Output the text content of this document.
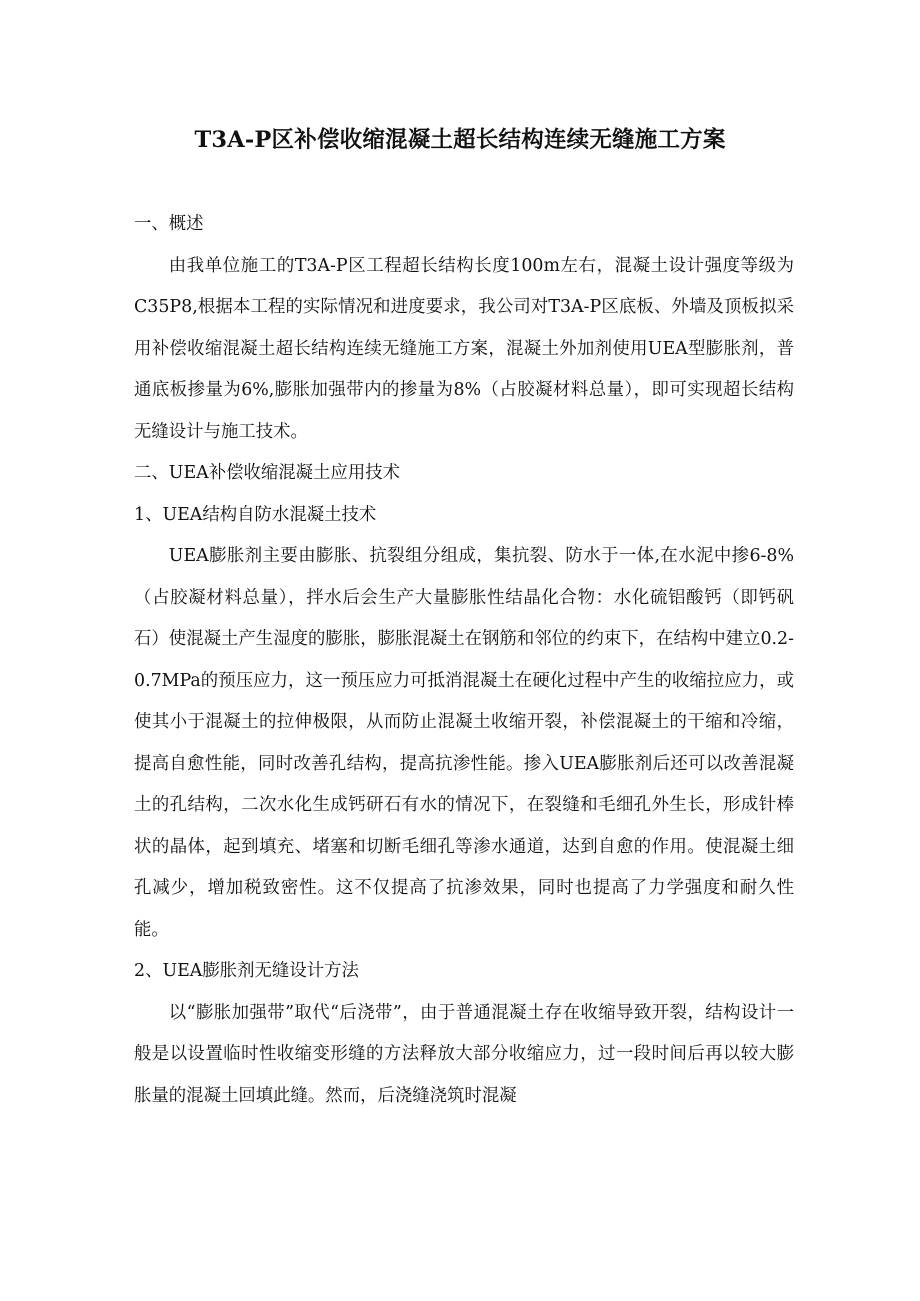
T3A-P区补偿收缩混凝土超长结构连续无缝施工方案

一、概述

由我单位施工的T3A-P区工程超长结构长度100m左右，混凝土设计强度等级为C35P8,根据本工程的实际情况和进度要求，我公司对T3A-P区底板、外墙及顶板拟采用补偿收缩混凝土超长结构连续无缝施工方案，混凝土外加剂使用UEA型膨胀剂，普通底板掺量为6%,膨胀加强带内的掺量为8%（占胶凝材料总量），即可实现超长结构无缝设计与施工技术。

二、UEA补偿收缩混凝土应用技术

1、UEA结构自防水混凝土技术

UEA膨胀剂主要由膨胀、抗裂组分组成，集抗裂、防水于一体,在水泥中掺6-8%（占胶凝材料总量），拌水后会生产大量膨胀性结晶化合物：水化硫铝酸钙（即钙矾石）使混凝土产生湿度的膨胀，膨胀混凝土在钢筋和邻位的约束下，在结构中建立0.2-0.7MPa的预压应力，这一预压应力可抵消混凝土在硬化过程中产生的收缩拉应力，或使其小于混凝土的拉伸极限，从而防止混凝土收缩开裂，补偿混凝土的干缩和冷缩，提高自愈性能，同时改善孔结构，提高抗渗性能。掺入UEA膨胀剂后还可以改善混凝土的孔结构，二次水化生成钙研石有水的情况下，在裂缝和毛细孔外生长，形成针棒状的晶体，起到填充、堵塞和切断毛细孔等渗水通道，达到自愈的作用。使混凝土细孔减少，增加税致密性。这不仅提高了抗渗效果，同时也提高了力学强度和耐久性能。

2、UEA膨胀剂无缝设计方法

以“膨胀加强带”取代“后浇带”，由于普通混凝土存在收缩导致开裂，结构设计一般是以设置临时性收缩变形缝的方法释放大部分收缩应力，过一段时间后再以较大膨胀量的混凝土回填此缝。然而，后浇缝浇筑时混凝
